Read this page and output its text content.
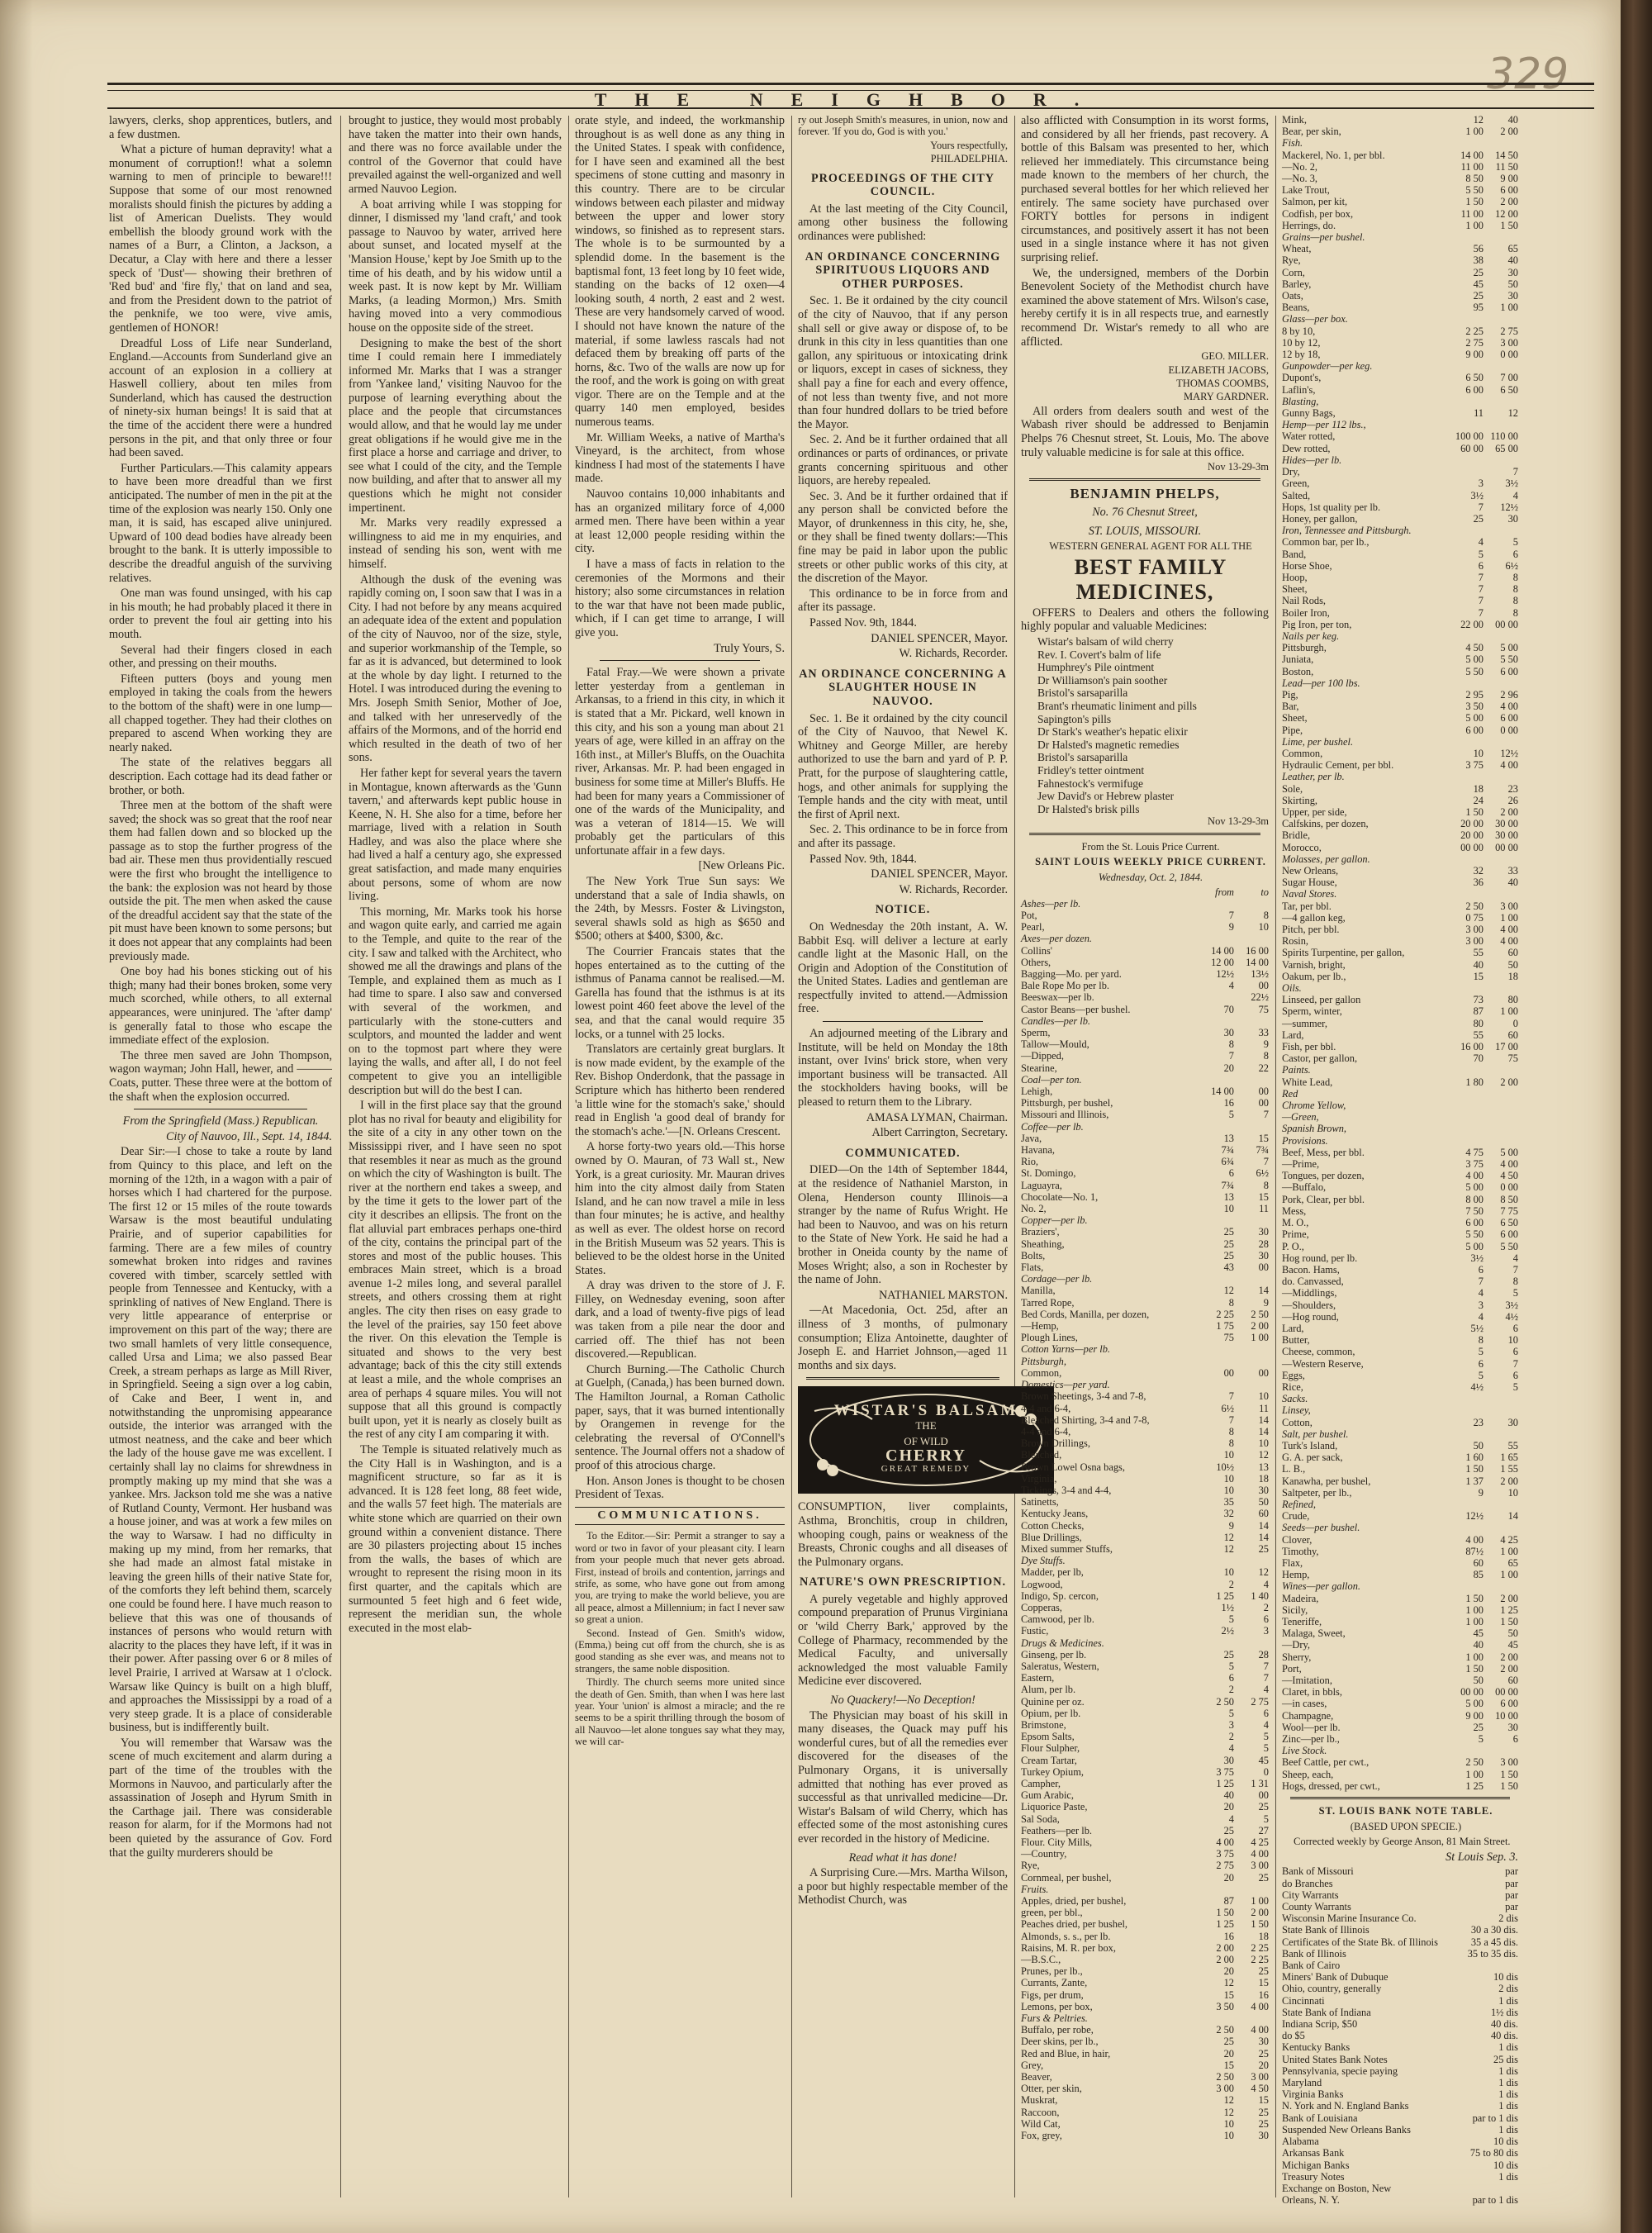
329
THE NEIGHBOR.

lawyers, clerks, shop apprentices, butlers, and a few dustmen.

What a picture of human depravity! what a monument of corruption!! what a solemn warning to men of principle to beware!!! Suppose that some of our most renowned moralists should finish the pictures by adding a list of American Duelists. They would embellish the bloody ground work with the names of a Burr, a Clinton, a Jackson, a Decatur, a Clay with here and there a lesser speck of 'Dust'— showing their brethren of 'Red bud' and 'fire fly,' that on land and sea, and from the President down to the patriot of the penknife, we too were, vive amis, gentlemen of HONOR!

Dreadful Loss of Life near Sunderland, England.—Accounts from Sunderland give an account of an explosion in a colliery at Haswell colliery, about ten miles from Sunderland, which has caused the destruction of ninety-six human beings! It is said that at the time of the accident there were a hundred persons in the pit, and that only three or four had been saved.

Further Particulars.—This calamity appears to have been more dreadful than we first anticipated. The number of men in the pit at the time of the explosion was nearly 150. Only one man, it is said, has escaped alive uninjured. Upward of 100 dead bodies have already been brought to the bank. It is utterly impossible to describe the dreadful anguish of the surviving relatives.

One man was found unsinged, with his cap in his mouth; he had probably placed it there in order to prevent the foul air getting into his mouth.

Several had their fingers closed in each other, and pressing on their mouths.

Fifteen putters (boys and young men employed in taking the coals from the hewers to the bottom of the shaft) were in one lump—all chapped together. They had their clothes on prepared to ascend When working they are nearly naked.

The state of the relatives beggars all description. Each cottage had its dead father or brother, or both.

Three men at the bottom of the shaft were saved; the shock was so great that the roof near them had fallen down and so blocked up the passage as to stop the further progress of the bad air. These men thus providentially rescued were the first who brought the intelligence to the bank: the explosion was not heard by those outside the pit. The men when asked the cause of the dreadful accident say that the state of the pit must have been known to some persons; but it does not appear that any complaints had been previously made.

One boy had his bones sticking out of his thigh; many had their bones broken, some very much scorched, while others, to all external appearances, were uninjured. The 'after damp' is generally fatal to those who escape the immediate effect of the explosion.

The three men saved are John Thompson, wagon wayman; John Hall, hewer, and ——— Coats, putter. These three were at the bottom of the shaft when the explosion occurred.

From the Springfield (Mass.) Republican.

City of Nauvoo, Ill., Sept. 14, 1844.

Dear Sir:—I chose to take a route by land from Quincy to this place, and left on the morning of the 12th, in a wagon with a pair of horses which I had chartered for the purpose. The first 12 or 15 miles of the route towards Warsaw is the most beautiful undulating Prairie, and of superior capabilities for farming. There are a few miles of country somewhat broken into ridges and ravines covered with timber, scarcely settled with people from Tennessee and Kentucky, with a sprinkling of natives of New England. There is very little appearance of enterprise or improvement on this part of the way; there are two small hamlets of very little consequence, called Ursa and Lima; we also passed Bear Creek, a stream perhaps as large as Mill River, in Springfield. Seeing a sign over a log cabin, of Cake and Beer, I went in, and notwithstanding the unpromising appearance outside, the interior was arranged with the utmost neatness, and the cake and beer which the lady of the house gave me was excellent. I certainly shall lay no claims for shrewdness in promptly making up my mind that she was a yankee. Mrs. Jackson told me she was a native of Rutland County, Vermont. Her husband was a house joiner, and was at work a few miles on the way to Warsaw. I had no difficulty in making up my mind, from her remarks, that she had made an almost fatal mistake in leaving the green hills of their native State for, of the comforts they left behind them, scarcely one could be found here. I have much reason to believe that this was one of thousands of instances of persons who would return with alacrity to the places they have left, if it was in their power. After passing over 6 or 8 miles of level Prairie, I arrived at Warsaw at 1 o'clock. Warsaw like Quincy is built on a high bluff, and approaches the Mississippi by a road of a very steep grade. It is a place of considerable business, but is indifferently built.

You will remember that Warsaw was the scene of much excitement and alarm during a part of the time of the troubles with the Mormons in Nauvoo, and particularly after the assassination of Joseph and Hyrum Smith in the Carthage jail. There was considerable reason for alarm, for if the Mormons had not been quieted by the assurance of Gov. Ford that the guilty murderers should be

brought to justice, they would most probably have taken the matter into their own hands, and there was no force available under the control of the Governor that could have prevailed against the well-organized and well armed Nauvoo Legion.

A boat arriving while I was stopping for dinner, I dismissed my 'land craft,' and took passage to Nauvoo by water, arrived here about sunset, and located myself at the 'Mansion House,' kept by Joe Smith up to the time of his death, and by his widow until a week past. It is now kept by Mr. William Marks, (a leading Mormon,) Mrs. Smith having moved into a very commodious house on the opposite side of the street.

Designing to make the best of the short time I could remain here I immediately informed Mr. Marks that I was a stranger from 'Yankee land,' visiting Nauvoo for the purpose of learning everything about the place and the people that circumstances would allow, and that he would lay me under great obligations if he would give me in the first place a horse and carriage and driver, to see what I could of the city, and the Temple now building, and after that to answer all my questions which he might not consider impertinent.

Mr. Marks very readily expressed a willingness to aid me in my enquiries, and instead of sending his son, went with me himself.

Although the dusk of the evening was rapidly coming on, I soon saw that I was in a City. I had not before by any means acquired an adequate idea of the extent and population of the city of Nauvoo, nor of the size, style, and superior workmanship of the Temple, so far as it is advanced, but determined to look at the whole by day light. I returned to the Hotel. I was introduced during the evening to Mrs. Joseph Smith Senior, Mother of Joe, and talked with her unreservedly of the affairs of the Mormons, and of the horrid end which resulted in the death of two of her sons.

Her father kept for several years the tavern in Montague, known afterwards as the 'Gunn tavern,' and afterwards kept public house in Keene, N. H. She also for a time, before her marriage, lived with a relation in South Hadley, and was also the place where she had lived a half a century ago, she expressed great satisfaction, and made many enquiries about persons, some of whom are now living.

This morning, Mr. Marks took his horse and wagon quite early, and carried me again to the Temple, and quite to the rear of the city. I saw and talked with the Architect, who showed me all the drawings and plans of the Temple, and explained them as much as I had time to spare. I also saw and conversed with several of the workmen, and particularly with the stone-cutters and sculptors, and mounted the ladder and went on to the topmost part where they were laying the walls, and after all, I do not feel competent to give you an intelligible description but will do the best I can.

I will in the first place say that the ground plot has no rival for beauty and eligibility for the site of a city in any other town on the Mississippi river, and I have seen no spot that resembles it near as much as the ground on which the city of Washington is built. The river at the northern end takes a sweep, and by the time it gets to the lower part of the city it describes an ellipsis. The front on the flat alluvial part embraces perhaps one-third of the city, contains the principal part of the stores and most of the public houses. This embraces Main street, which is a broad avenue 1-2 miles long, and several parallel streets, and others crossing them at right angles. The city then rises on easy grade to the level of the prairies, say 150 feet above the river. On this elevation the Temple is situated and shows to the very best advantage; back of this the city still extends at least a mile, and the whole comprises an area of perhaps 4 square miles. You will not suppose that all this ground is compactly built upon, yet it is nearly as closely built as the rest of any city I am comparing it with.

The Temple is situated relatively much as the City Hall is in Washington, and is a magnificent structure, so far as it is advanced. It is 128 feet long, 88 feet wide, and the walls 57 feet high. The materials are white stone which are quarried on their own ground within a convenient distance. There are 30 pilasters projecting about 15 inches from the walls, the bases of which are wrought to represent the rising moon in its first quarter, and the capitals which are surmounted 5 feet high and 6 feet wide, represent the meridian sun, the whole executed in the most elab-

orate style, and indeed, the workmanship throughout is as well done as any thing in the United States. I speak with confidence, for I have seen and examined all the best specimens of stone cutting and masonry in this country. There are to be circular windows between each pilaster and midway between the upper and lower story windows, so finished as to represent stars. The whole is to be surmounted by a splendid dome. In the basement is the baptismal font, 13 feet long by 10 feet wide, standing on the backs of 12 oxen—4 looking south, 4 north, 2 east and 2 west. These are very handsomely carved of wood. I should not have known the nature of the material, if some lawless rascals had not defaced them by breaking off parts of the horns, &c. Two of the walls are now up for the roof, and the work is going on with great vigor. There are on the Temple and at the quarry 140 men employed, besides numerous teams.

Mr. William Weeks, a native of Martha's Vineyard, is the architect, from whose kindness I had most of the statements I have made.

Nauvoo contains 10,000 inhabitants and has an organized military force of 4,000 armed men. There have been within a year at least 12,000 people residing within the city.

I have a mass of facts in relation to the ceremonies of the Mormons and their history; also some circumstances in relation to the war that have not been made public, which, if I can get time to arrange, I will give you.

Truly Yours, S.

Fatal Fray.—We were shown a private letter yesterday from a gentleman in Arkansas, to a friend in this city, in which it is stated that a Mr. Pickard, well known in this city, and his son a young man about 21 years of age, were killed in an affray on the 16th inst., at Miller's Bluffs, on the Ouachita river, Arkansas. Mr. P. had been engaged in business for some time at Miller's Bluffs. He had been for many years a Commissioner of one of the wards of the Municipality, and was a veteran of 1814—15. We will probably get the particulars of this unfortunate affair in a few days.

[New Orleans Pic.

The New York True Sun says: We understand that a sale of India shawls, on the 24th, by Messrs. Foster & Livingston, several shawls sold as high as $650 and $500; others at $400, $300, &c.

The Courrier Francais states that the hopes entertained as to the cutting of the isthmus of Panama cannot be realised.—M. Garella has found that the isthmus is at its lowest point 460 feet above the level of the sea, and that the canal would require 35 locks, or a tunnel with 25 locks.

Translators are certainly great burglars. It is now made evident, by the example of the Rev. Bishop Onderdonk, that the passage in Scripture which has hitherto been rendered 'a little wine for the stomach's sake,' should read in English 'a good deal of brandy for the stomach's ache.'—[N. Orleans Crescent.

A horse forty-two years old.—This horse owned by O. Mauran, of 73 Wall st., New York, is a great curiosity. Mr. Mauran drives him into the city almost daily from Staten Island, and he can now travel a mile in less than four minutes; he is active, and healthy as well as ever. The oldest horse on record in the British Museum was 52 years. This is believed to be the oldest horse in the United States.

A dray was driven to the store of J. F. Filley, on Wednesday evening, soon after dark, and a load of twenty-five pigs of lead was taken from a pile near the door and carried off. The thief has not been discovered.—Republican.

Church Burning.—The Catholic Church at Guelph, (Canada,) has been burned down. The Hamilton Journal, a Roman Catholic paper, says, that it was burned intentionally by Orangemen in revenge for the celebrating the reversal of O'Connell's sentence. The Journal offers not a shadow of proof of this atrocious charge.

Hon. Anson Jones is thought to be chosen President of Texas.

COMMUNICATIONS.

To the Editor.—Sir: Permit a stranger to say a word or two in favor of your pleasant city. I learn from your people much that never gets abroad. First, instead of broils and contention, jarrings and strife, as some, who have gone out from among you, are trying to make the world believe, you are all peace, almost a Millennium; in fact I never saw so great a union.

Second. Instead of Gen. Smith's widow, (Emma,) being cut off from the church, she is as good standing as she ever was, and means not to strangers, the same noble disposition.

Thirdly. The church seems more united since the death of Gen. Smith, than when I was here last year. Your 'union' is almost a miracle; and the re seems to be a spirit thrilling through the bosom of all Nauvoo—let alone tongues say what they may, we will car-

ry out Joseph Smith's measures, in union, now and forever. 'If you do, God is with you.'

Yours respectfully,

PHILADELPHIA.

PROCEEDINGS OF THE CITY COUNCIL.

At the last meeting of the City Council, among other business the following ordinances were published:

AN ORDINANCE CONCERNING SPIRITUOUS LIQUORS AND OTHER PURPOSES.

Sec. 1. Be it ordained by the city council of the city of Nauvoo, that if any person shall sell or give away or dispose of, to be drunk in this city in less quantities than one gallon, any spirituous or intoxicating drink or liquors, except in cases of sickness, they shall pay a fine for each and every offence, of not less than twenty five, and not more than four hundred dollars to be tried before the Mayor.

Sec. 2. And be it further ordained that all ordinances or parts of ordinances, or private grants concerning spirituous and other liquors, are hereby repealed.

Sec. 3. And be it further ordained that if any person shall be convicted before the Mayor, of drunkenness in this city, he, she, or they shall be fined twenty dollars:—This fine may be paid in labor upon the public streets or other public works of this city, at the discretion of the Mayor.

This ordinance to be in force from and after its passage.

Passed Nov. 9th, 1844.

DANIEL SPENCER, Mayor.

W. Richards, Recorder.

AN ORDINANCE CONCERNING A SLAUGHTER HOUSE IN NAUVOO.

Sec. 1. Be it ordained by the city council of the City of Nauvoo, that Newel K. Whitney and George Miller, are hereby authorized to use the barn and yard of P. P. Pratt, for the purpose of slaughtering cattle, hogs, and other animals for supplying the Temple hands and the city with meat, until the first of April next.

Sec. 2. This ordinance to be in force from and after its passage.

Passed Nov. 9th, 1844.

DANIEL SPENCER, Mayor.

W. Richards, Recorder.

NOTICE.

On Wednesday the 20th instant, A. W. Babbit Esq. will deliver a lecture at early candle light at the Masonic Hall, on the Origin and Adoption of the Constitution of the United States. Ladies and gentleman are respectfully invited to attend.—Admission free.

An adjourned meeting of the Library and Institute, will be held on Monday the 18th instant, over Ivins' brick store, when very important business will be transacted. All the stockholders having books, will be pleased to return them to the Library.

AMASA LYMAN, Chairman.

Albert Carrington, Secretary.

COMMUNICATED.

DIED—On the 14th of September 1844, at the residence of Nathaniel Marston, in Olena, Henderson county Illinois—a stranger by the name of Rufus Wright. He had been to Nauvoo, and was on his return to the State of New York. He said he had a brother in Oneida county by the name of Moses Wright; also, a son in Rochester by the name of John.

NATHANIEL MARSTON.

—At Macedonia, Oct. 25d, after an illness of 3 months, of pulmonary consumption; Eliza Antoinette, daughter of Joseph E. and Harriet Johnson,—aged 11 months and six days.

WISTAR'S BALSAM
THE
OF WILD
CHERRY
GREAT REMEDY

CONSUMPTION, liver complaints, Asthma, Bronchitis, croup in children, whooping cough, pains or weakness of the Breasts, Chronic coughs and all diseases of the Pulmonary organs.

NATURE'S OWN PRESCRIPTION.

A purely vegetable and highly approved compound preparation of Prunus Virginiana or 'wild Cherry Bark,' approved by the College of Pharmacy, recommended by the Medical Faculty, and universally acknowledged the most valuable Family Medicine ever discovered.

No Quackery!—No Deception!

The Physician may boast of his skill in many diseases, the Quack may puff his wonderful cures, but of all the remedies ever discovered for the diseases of the Pulmonary Organs, it is universally admitted that nothing has ever proved as successful as that unrivalled medicine—Dr. Wistar's Balsam of wild Cherry, which has effected some of the most astonishing cures ever recorded in the history of Medicine.

Read what it has done!

A Surprising Cure.—Mrs. Martha Wilson, a poor but highly respectable member of the Methodist Church, was

also afflicted with Consumption in its worst forms, and considered by all her friends, past recovery. A bottle of this Balsam was presented to her, which relieved her immediately. This circumstance being made known to the members of her church, the purchased several bottles for her which relieved her entirely. The same society have purchased over FORTY bottles for persons in indigent circumstances, and positively assert it has not been used in a single instance where it has not given surprising relief.

We, the undersigned, members of the Dorbin Benevolent Society of the Methodist church have examined the above statement of Mrs. Wilson's case, hereby certify it is in all respects true, and earnestly recommend Dr. Wistar's remedy to all who are afflicted.

GEO. MILLER.

ELIZABETH JACOBS,

THOMAS COOMBS,

MARY GARDNER.

All orders from dealers south and west of the Wabash river should be addressed to Benjamin Phelps 76 Chesnut street, St. Louis, Mo. The above truly valuable medicine is for sale at this office.

Nov 13-29-3m

BENJAMIN PHELPS,

No. 76 Chesnut Street,

ST. LOUIS, MISSOURI.

WESTERN GENERAL AGENT FOR ALL THE

BEST FAMILY MEDICINES,

OFFERS to Dealers and others the following highly popular and valuable Medicines:

Wistar's balsam of wild cherry
Rev. I. Covert's balm of life
Humphrey's Pile ointment
Dr Williamson's pain soother
Bristol's sarsaparilla
Brant's rheumatic liniment and pills
Sapington's pills
Dr Stark's weather's hepatic elixir
Dr Halsted's magnetic remedies
Bristol's sarsaparilla
Fridley's tetter ointment
Fahnestock's vermifuge
Jew David's or Hebrew plaster
Dr Halsted's brisk pills

Nov 13-29-3m

From the St. Louis Price Current.

SAINT LOUIS WEEKLY PRICE CURRENT.

Wednesday, Oct. 2, 1844.

	from	to
Ashes—per lb.		
Pot,	7	8
Pearl,	9	10
Axes—per dozen.		
Collins'	14 00	16 00
Others,	12 00	14 00
Bagging—Mo. per yard.	12½	13½
Bale Rope Mo per lb.	4	00
Beeswax—per lb.		22½
Castor Beans—per bushel.	70	75
Candles—per lb.		
Sperm,	30	33
Tallow—Mould,	8	9
—Dipped,	7	8
Stearine,	20	22
Coal—per ton.		
Lehigh,	14 00	00
Pittsburgh, per bushel,	16	00
Missouri and Illinois,	5	7
Coffee—per lb.		
Java,	13	15
Havana,	7¾	7¾
Rio,	6¾	7
St. Domingo,	6	6½
Laguayra,	7¾	8
Chocolate—No. 1,	13	15
No. 2,	10	11
Copper—per lb.		
Braziers',	25	30
Sheathing,	25	28
Bolts,	25	30
Flats,	43	00
Cordage—per lb.		
Manilla,	12	14
Tarred Rope,	8	9
Bed Cords, Manilla, per dozen,	2 25	2 50
—Hemp,	1 75	2 00
Plough Lines,	75	1 00
Cotton Yarns—per lb.		
Pittsburgh,		
Common,	00	00
Domestics—per yard.		
Brown Sheetings, 3-4 and 7-8,	7	10
4-4 and 6-4,	6½	11
Bleached Shirting, 3-4 and 7-8,	7	14
4-4 and 6-4,	8	14
Brown Drillings,	8	10
Bleached,	10	12
Brown Lowel Osna bags,	10½	13
Virginia,	10	18
Tickings, 3-4 and 4-4,	10	30
Satinetts,	35	50
Kentucky Jeans,	32	60
Cotton Checks,	9	14
Blue Drillings,	12	14
Mixed summer Stuffs,	12	25
Dye Stuffs.		
Madder, per lb,	10	12
Logwood,	2	4
Indigo, Sp. cercon,	1 25	1 40
Copperas,	1½	2
Camwood, per lb.	5	6
Fustic,	2½	3
Drugs & Medicines.		
Ginseng, per lb.	25	28
Saleratus, Western,	5	7
Eastern,	6	7
Alum, per lb.	2	4
Quinine per oz.	2 50	2 75
Opium, per lb.	5	6
Brimstone,	3	4
Epsom Salts,	2	5
Flour Sulpher,	4	5
Cream Tartar,	30	45
Turkey Opium,	3 75	0
Campher,	1 25	1 31
Gum Arabic,	40	00
Liquorice Paste,	20	25
Sal Soda,	4	5
Feathers—per lb.	25	27
Flour. City Mills,	4 00	4 25
—Country,	3 75	4 00
Rye,	2 75	3 00
Cornmeal, per bushel,	20	25
Fruits.		
Apples, dried, per bushel,	87	1 00
green, per bbl.,	1 50	2 00
Peaches dried, per bushel,	1 25	1 50
Almonds, s. s., per lb.	16	18
Raisins, M. R. per box,	2 00	2 25
—B.S.C.,	2 00	2 25
Prunes, per lb.,	20	25
Currants, Zante,	12	15
Figs, per drum,	15	16
Lemons, per box,	3 50	4 00
Furs & Peltries.		
Buffalo, per robe,	2 50	4 00
Deer skins, per lb.,	25	30
Red and Blue, in hair,	20	25
Grey,	15	20
Beaver,	2 50	3 00
Otter, per skin,	3 00	4 50
Muskrat,	12	15
Raccoon,	12	25
Wild Cat,	10	25
Fox, grey,	10	30
Mink,	12	40
Bear, per skin,	1 00	2 00
Fish.		
Mackerel, No. 1, per bbl.	14 00	14 50
—No. 2,	11 00	11 50
—No. 3,	8 50	9 00
Lake Trout,	5 50	6 00
Salmon, per kit,	1 50	2 00
Codfish, per box,	11 00	12 00
Herrings, do.	1 00	1 50
Grains—per bushel.		
Wheat,	56	65
Rye,	38	40
Corn,	25	30
Barley,	45	50
Oats,	25	30
Beans,	95	1 00
Glass—per box.		
8 by 10,	2 25	2 75
10 by 12,	2 75	3 00
12 by 18,	9 00	0 00
Gunpowder—per keg.		
Dupont's,	6 50	7 00
Laflin's,	6 00	6 50
Blasting,		
Gunny Bags,	11	12
Hemp—per 112 lbs.,		
Water rotted,	100 00	110 00
Dew rotted,	60 00	65 00
Hides—per lb.		
Dry,		7
Green,	3	3½
Salted,	3½	4
Hops, 1st quality per lb.	7	12½
Honey, per gallon,	25	30
Iron, Tennessee and Pittsburgh.		
Common bar, per lb.,	4	5
Band,	5	6
Horse Shoe,	6	6½
Hoop,	7	8
Sheet,	7	8
Nail Rods,	7	8
Boiler Iron,	7	8
Pig Iron, per ton,	22 00	00 00
Nails per keg.		
Pittsburgh,	4 50	5 00
Juniata,	5 00	5 50
Boston,	5 50	6 00
Lead—per 100 lbs.		
Pig,	2 95	2 96
Bar,	3 50	4 00
Sheet,	5 00	6 00
Pipe,	6 00	0 00
Lime, per bushel.		
Common,	10	12½
Hydraulic Cement, per bbl.	3 75	4 00
Leather, per lb.		
Sole,	18	23
Skirting,	24	26
Upper, per side,	1 50	2 00
Calfskins, per dozen,	20 00	30 00
Bridle,	20 00	30 00
Morocco,	00 00	00 00
Molasses, per gallon.		
New Orleans,	32	33
Sugar House,	36	40
Naval Stores.		
Tar, per bbl.	2 50	3 00
—4 gallon keg,	0 75	1 00
Pitch, per bbl.	3 00	4 00
Rosin,	3 00	4 00
Spirits Turpentine, per gallon,	55	60
Varnish, bright,	40	50
Oakum, per lb.,	15	18
Oils.		
Linseed, per gallon	73	80
Sperm, winter,	87	1 00
—summer,	80	0
Lard,	55	60
Fish, per bbl.	16 00	17 00
Castor, per gallon,	70	75
Paints.		
White Lead,	1 80	2 00
Red		
Chrome Yellow,		
—Green,		
Spanish Brown,		
Provisions.		
Beef, Mess, per bbl.	4 75	5 00
—Prime,	3 75	4 00
Tongues, per dozen,	4 00	4 50
—Buffalo,	5 00	0 00
Pork, Clear, per bbl.	8 00	8 50
Mess,	7 50	7 75
M. O.,	6 00	6 50
Prime,	5 50	6 00
P. O.,	5 00	5 50
Hog round, per lb.	3½	4
Bacon. Hams,	6	7
do. Canvassed,	7	8
—Middlings,	4	5
—Shoulders,	3	3½
—Hog round,	4	4½
Lard,	5½	6
Butter,	8	10
Cheese, common,	5	6
—Western Reserve,	6	7
Eggs,	5	6
Rice,	4½	5
Sacks.		
Linsey,		
Cotton,	23	30
Salt, per bushel.		
Turk's Island,	50	55
G. A. per sack,	1 60	1 65
L. B.,	1 50	1 55
Kanawha, per bushel,	1 37	2 00
Saltpeter, per lb.,	9	10
Refined,		
Crude,	12½	14
Seeds—per bushel.		
Clover,	4 00	4 25
Timothy,	87½	1 00
Flax,	60	65
Hemp,	85	1 00
Wines—per gallon.		
Madeira,	1 50	2 00
Sicily,	1 00	1 25
Teneriffe,	1 00	1 50
Malaga, Sweet,	45	50
—Dry,	40	45
Sherry,	1 00	2 00
Port,	1 50	2 00
—Imitation,	50	60
Claret, in bbls,	00 00	00 00
—in cases,	5 00	6 00
Champagne,	9 00	10 00
Wool—per lb.	25	30
Zinc—per lb.,	5	6
Live Stock.		
Beef Cattle, per cwt.,	2 50	3 00
Sheep, each,	1 00	1 50
Hogs, dressed, per cwt.,	1 25	1 50

ST. LOUIS BANK NOTE TABLE.

(BASED UPON SPECIE.)

Corrected weekly by George Anson, 81 Main Street.

St Louis Sep. 3.

Bank of Missouri	par
do Branches	par
City Warrants	par
County Warrants	par
Wisconsin Marine Insurance Co.	2 dis
State Bank of Illinois	30 a 30 dis.
Certificates of the State Bk. of Illinois	35 a 45 dis.
Bank of Illinois	35 to 35 dis.
Bank of Cairo	
Miners' Bank of Dubuque	10 dis
Ohio, country, generally	2 dis
Cincinnati	1 dis
State Bank of Indiana	1½ dis
Indiana Scrip, $50	40 dis.
do $5	40 dis.
Kentucky Banks	1 dis
United States Bank Notes	25 dis
Pennsylvania, specie paying	1 dis
Maryland	1 dis
Virginia Banks	1 dis
N. York and N. England Banks	1 dis
Bank of Louisiana	par to 1 dis
Suspended New Orleans Banks	1 dis
Alabama	10 dis
Arkansas Bank	75 to 80 dis
Michigan Banks	10 dis
Treasury Notes	1 dis
Exchange on Boston, New	
Orleans, N. Y.	par to 1 dis
